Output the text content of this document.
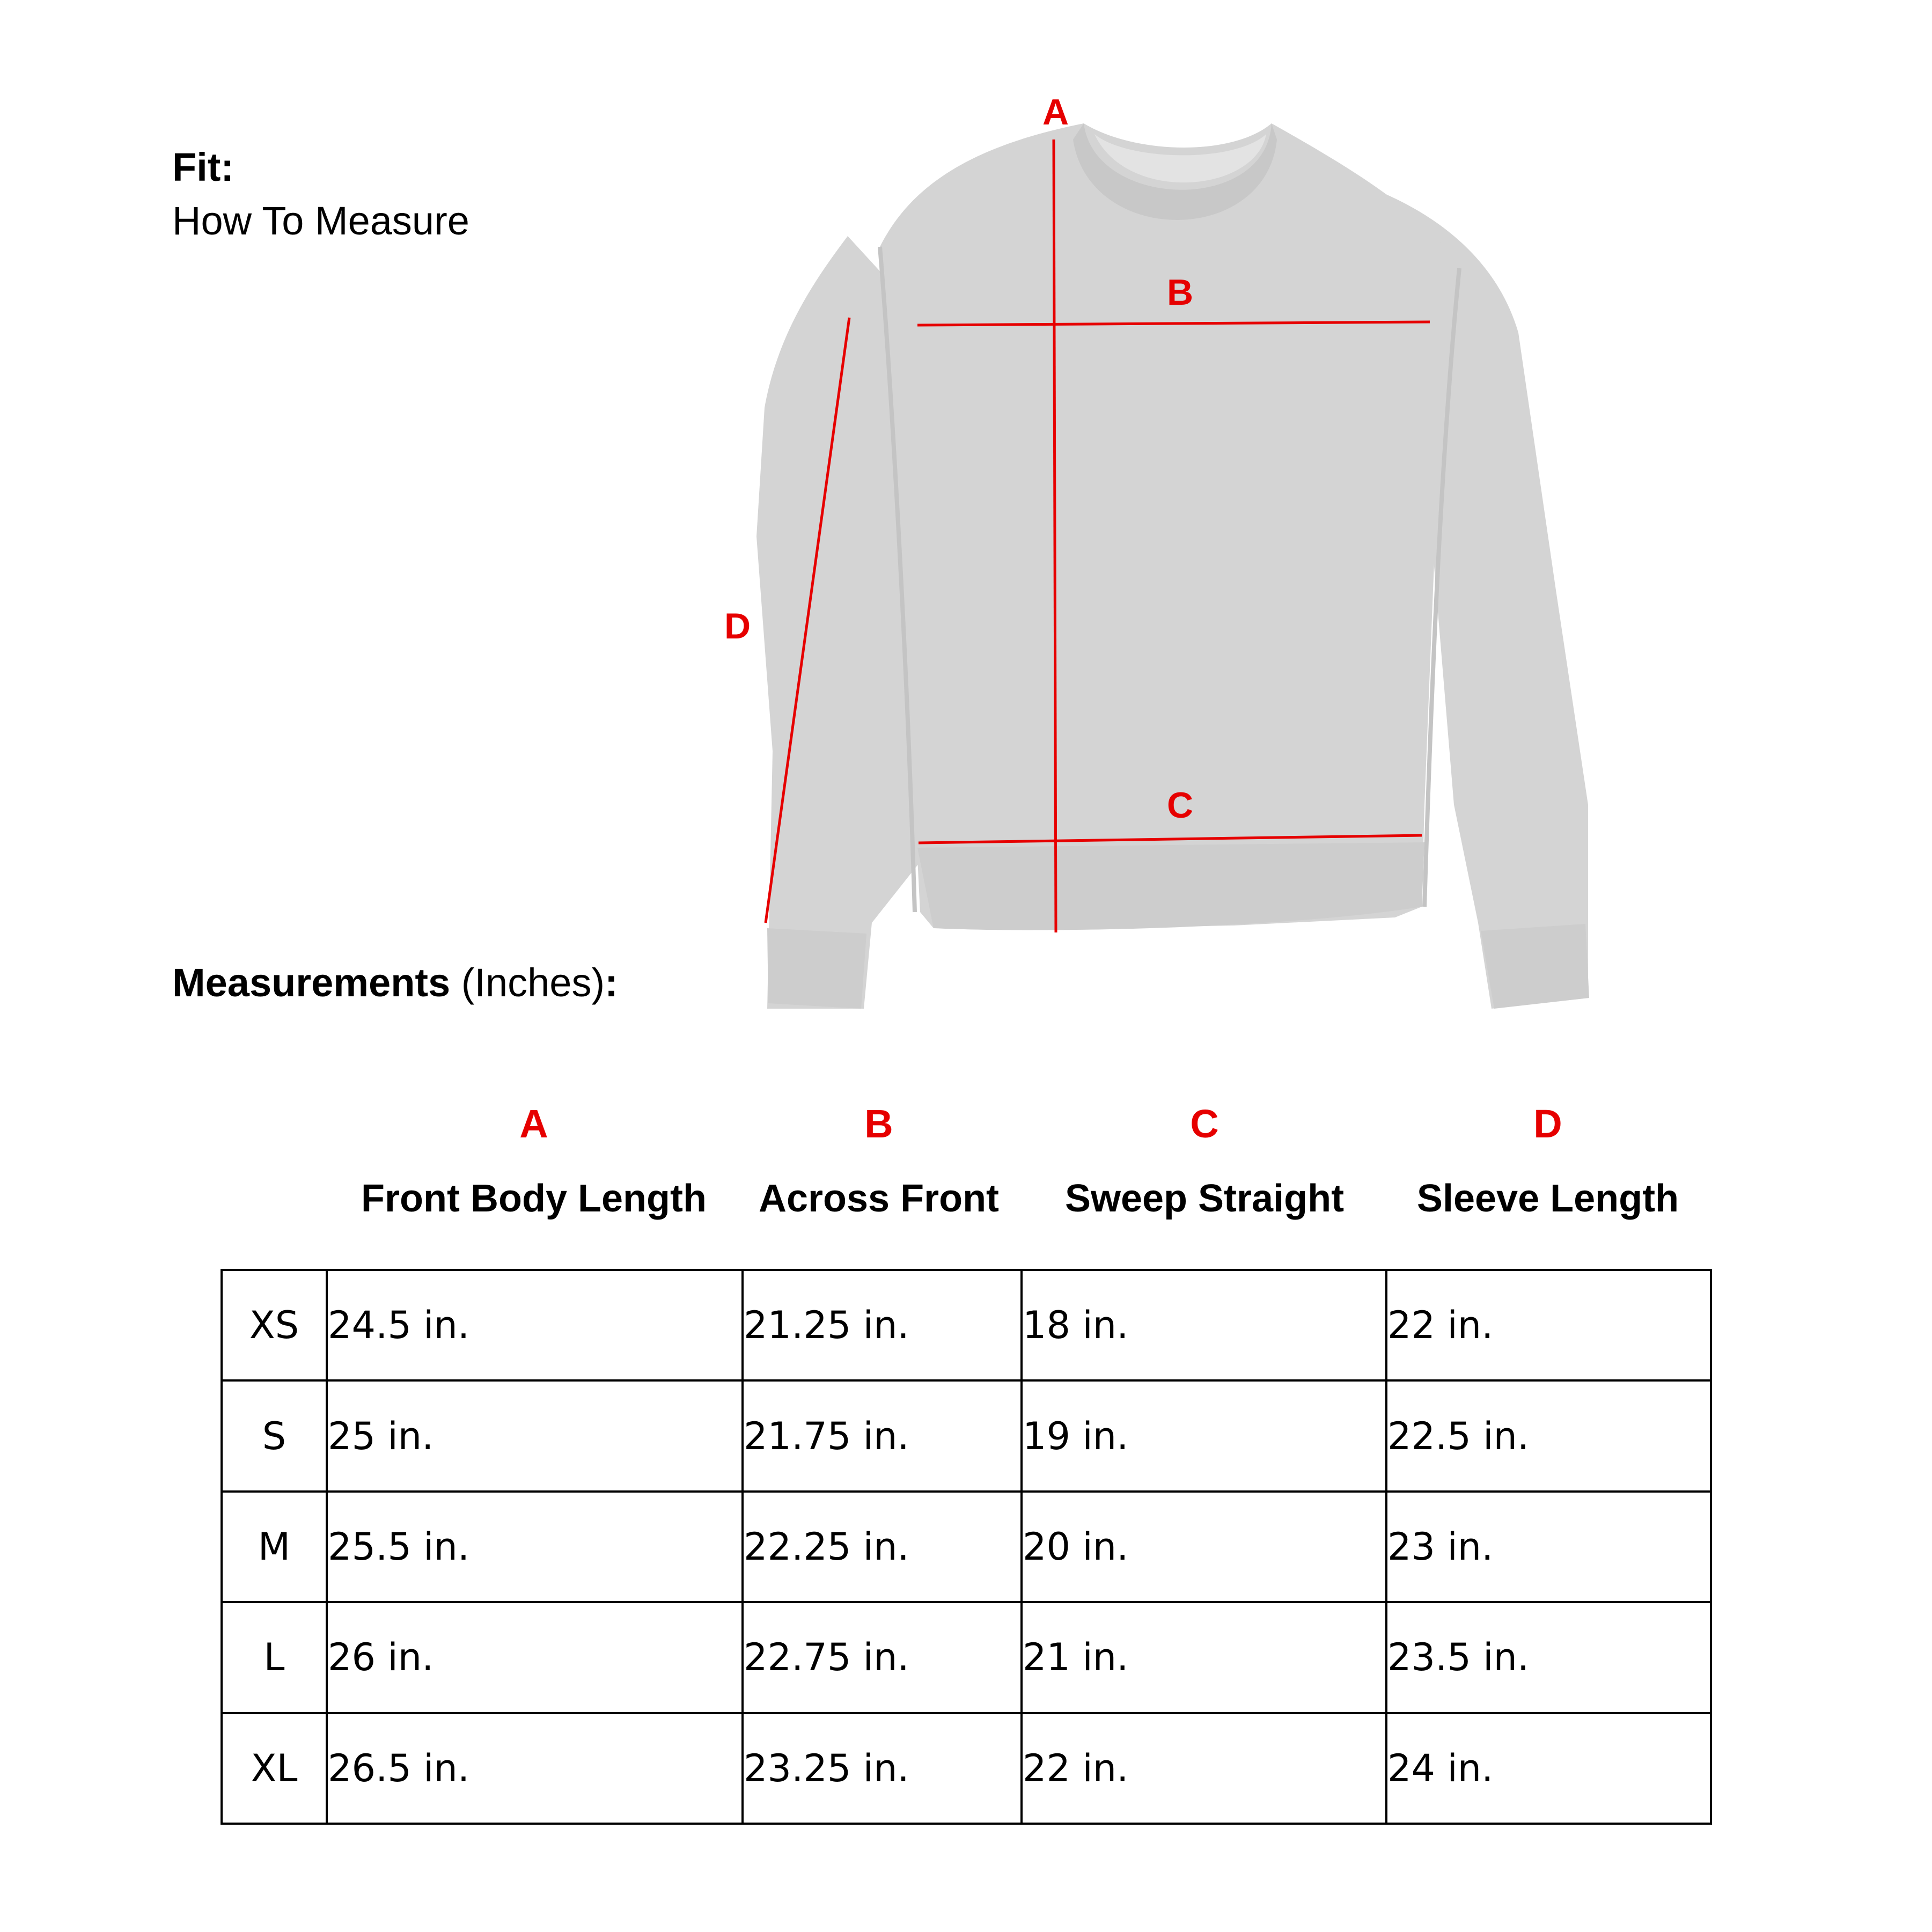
Fit:
How To Measure
A
B
C
D
Measurements (Inches):
A	B	C	D
Front Body Length	Across Front	Sweep Straight	Sleeve Length
XS	24.5 in.	21.25 in.	18 in.	22 in.
S	25 in.	21.75 in.	19 in.	22.5 in.
M	25.5 in.	22.25 in.	20 in.	23 in.
L	26 in.	22.75 in.	21 in.	23.5 in.
XL	26.5 in.	23.25 in.	22 in.	24 in.
